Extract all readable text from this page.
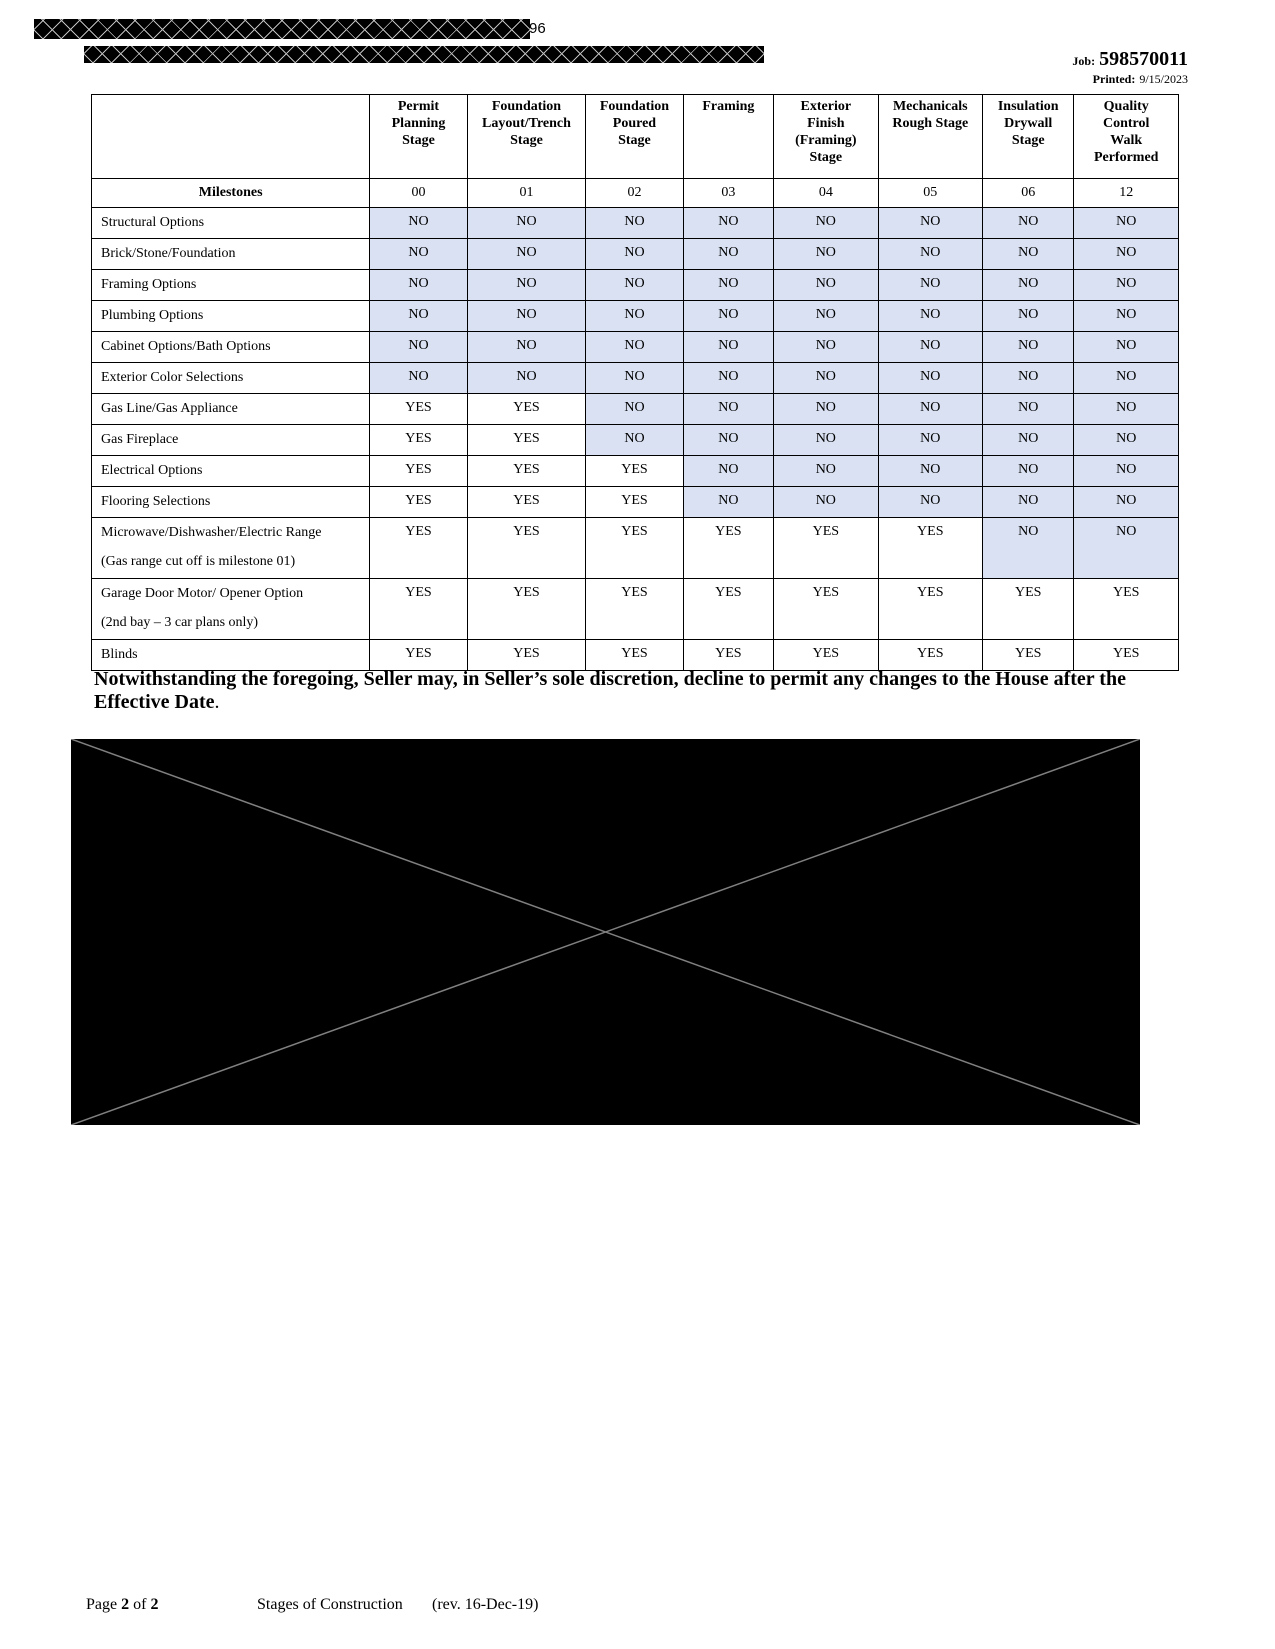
96
Job: 598570011
Printed: 9/15/2023

	Permit
Planning
Stage	Foundation
Layout/Trench
Stage	Foundation
Poured
Stage	Framing	Exterior
Finish
(Framing)
Stage	Mechanicals
Rough Stage	Insulation
Drywall
Stage	Quality
Control
Walk
Performed

Milestones	00	01	02	03	04	05	06	12

Structural Options	NO	NO	NO	NO	NO	NO	NO	NO

Brick/Stone/Foundation	NO	NO	NO	NO	NO	NO	NO	NO

Framing Options	NO	NO	NO	NO	NO	NO	NO	NO

Plumbing Options	NO	NO	NO	NO	NO	NO	NO	NO

Cabinet Options/Bath Options	NO	NO	NO	NO	NO	NO	NO	NO

Exterior Color Selections	NO	NO	NO	NO	NO	NO	NO	NO

Gas Line/Gas Appliance	YES	YES	NO	NO	NO	NO	NO	NO

Gas Fireplace	YES	YES	NO	NO	NO	NO	NO	NO

Electrical Options	YES	YES	YES	NO	NO	NO	NO	NO

Flooring Selections	YES	YES	YES	NO	NO	NO	NO	NO

Microwave/Dishwasher/Electric Range
(Gas range cut off is milestone 01)	YES	YES	YES	YES	YES	YES	NO	NO

Garage Door Motor/ Opener Option
(2nd bay – 3 car plans only)	YES	YES	YES	YES	YES	YES	YES	YES

Blinds	YES	YES	YES	YES	YES	YES	YES	YES
Notwithstanding the foregoing, Seller may, in Seller’s sole discretion, decline to permit any changes to the House after the Effective Date.
Page 2 of 2	Stages of Construction (rev. 16-Dec-19)
